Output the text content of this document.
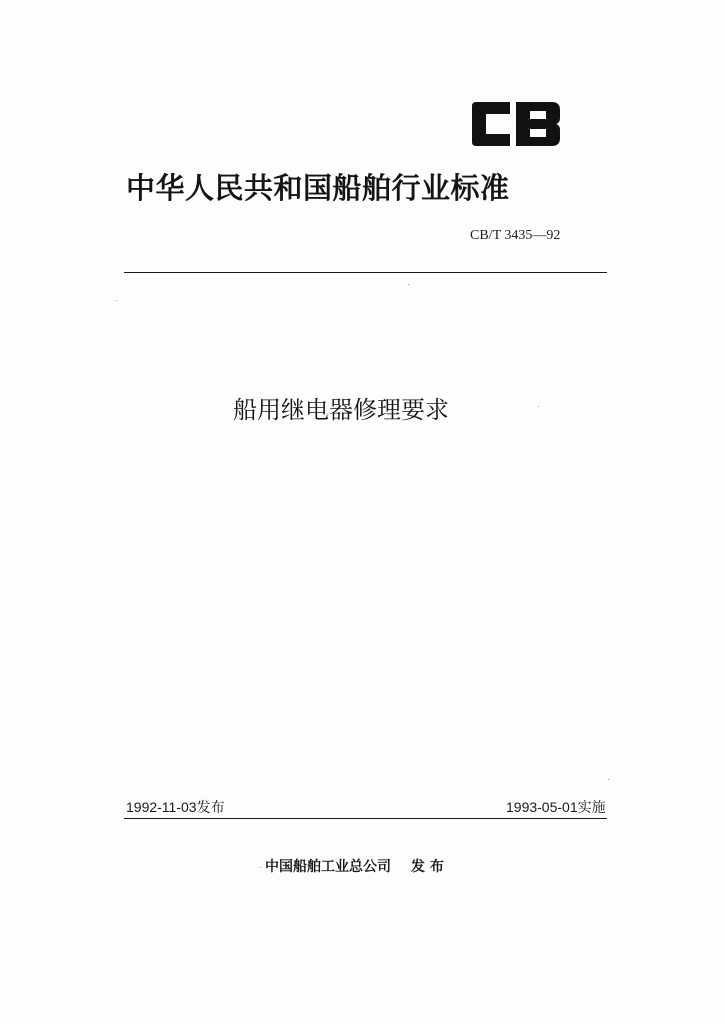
中华人民共和国船舶行业标准
CB/T 3435—92
船用继电器修理要求
1992-11-03发布	1993-05-01实施
中国船舶工业总公司 发 布
